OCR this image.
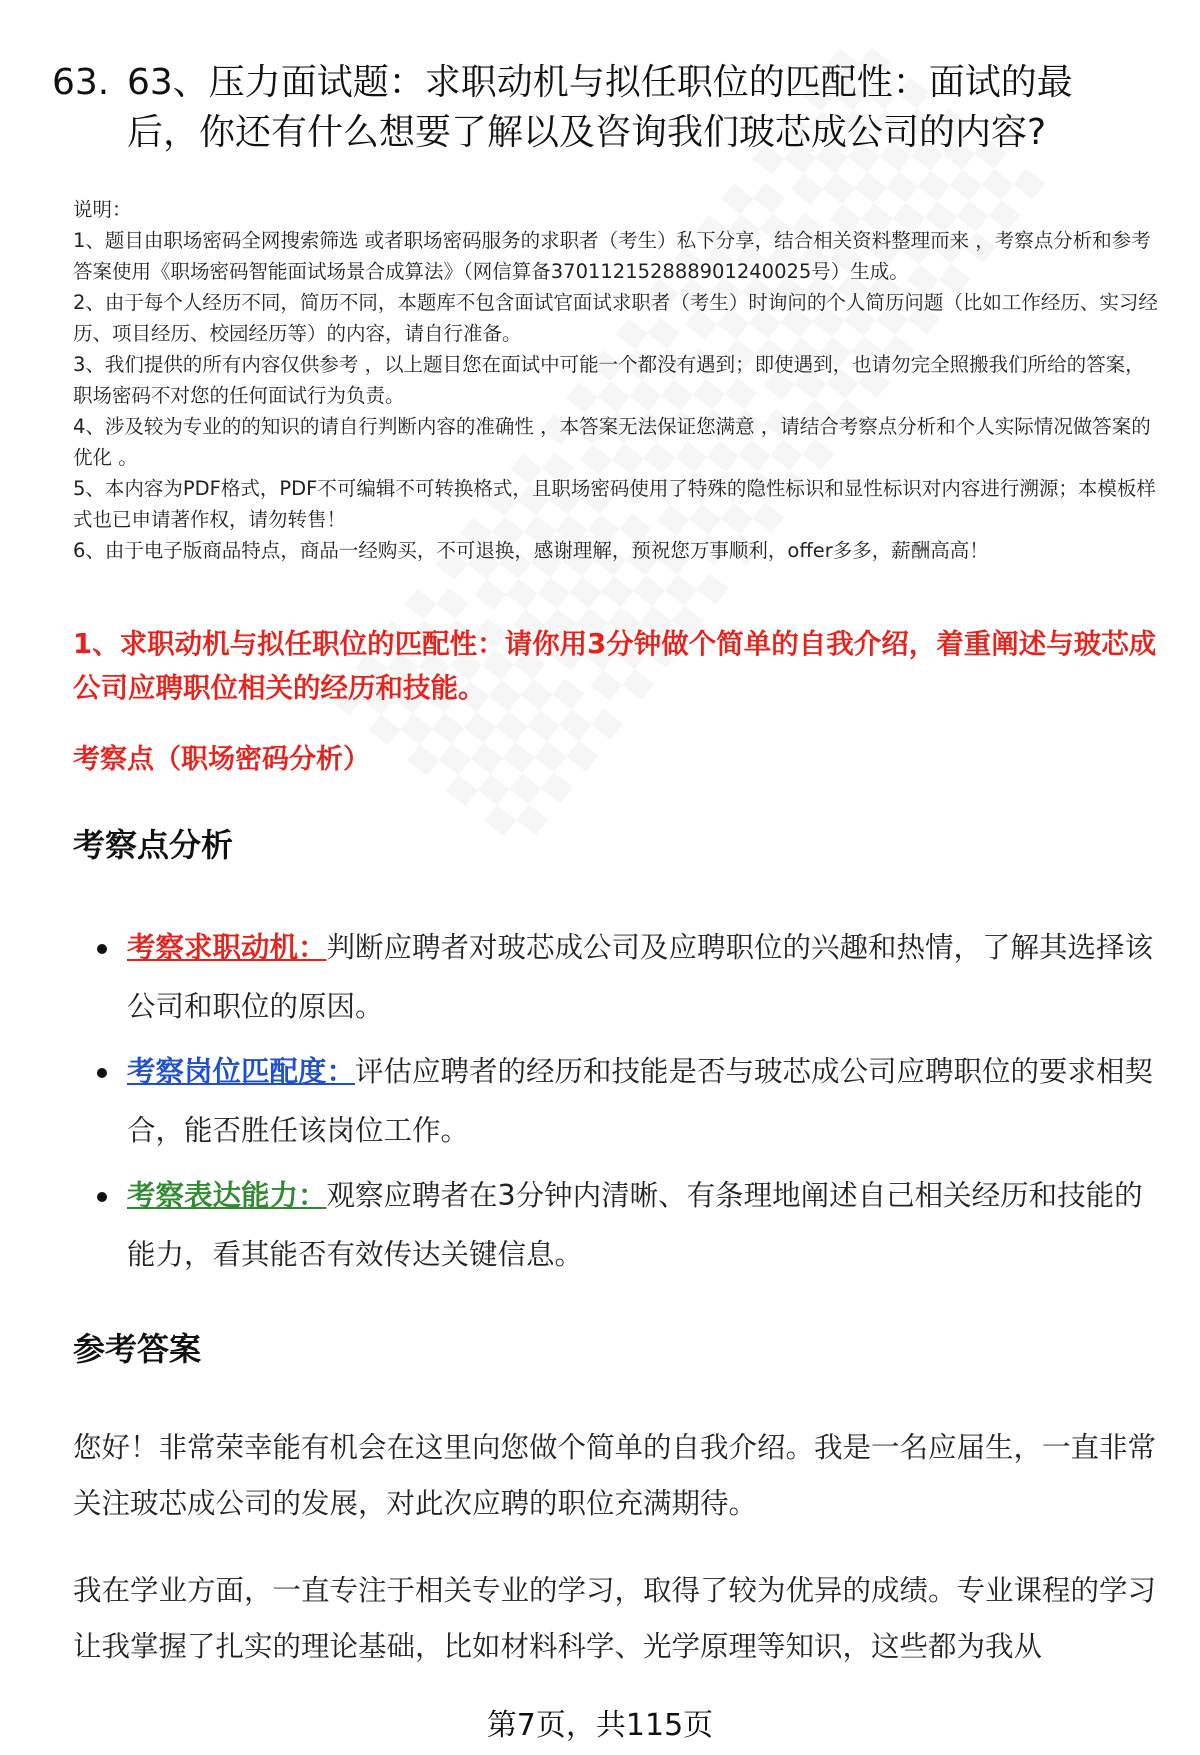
63. 63、压力面试题：求职动机与拟任职位的匹配性：面试的最后，你还有什么想要了解以及咨询我们玻芯成公司的内容?

说明：

1、题目由职场密码全网搜索筛选 或者职场密码服务的求职者（考生）私下分享，结合相关资料整理而来 ，考察点分析和参考答案使用《职场密码智能面试场景合成算法》（网信算备370112152888901240025号）生成。

2、由于每个人经历不同，简历不同，本题库不包含面试官面试求职者（考生）时询问的个人简历问题（比如工作经历、实习经历、项目经历、校园经历等）的内容，请自行准备。

3、我们提供的所有内容仅供参考 ，以上题目您在面试中可能一个都没有遇到；即使遇到，也请勿完全照搬我们所给的答案，职场密码不对您的任何面试行为负责。

4、涉及较为专业的的知识的请自行判断内容的准确性 ，本答案无法保证您满意 ，请结合考察点分析和个人实际情况做答案的优化 。

5、本内容为PDF格式，PDF不可编辑不可转换格式，且职场密码使用了特殊的隐性标识和显性标识对内容进行溯源；本模板样式也已申请著作权，请勿转售！

6、由于电子版商品特点，商品一经购买，不可退换，感谢理解，预祝您万事顺利，offer多多，薪酬高高！

1、求职动机与拟任职位的匹配性：请你用3分钟做个简单的自我介绍，着重阐述与玻芯成公司应聘职位相关的经历和技能。
考察点（职场密码分析）
考察点分析
考察求职动机：判断应聘者对玻芯成公司及应聘职位的兴趣和热情，了解其选择该公司和职位的原因。
考察岗位匹配度：评估应聘者的经历和技能是否与玻芯成公司应聘职位的要求相契合，能否胜任该岗位工作。
考察表达能力：观察应聘者在3分钟内清晰、有条理地阐述自己相关经历和技能的能力，看其能否有效传达关键信息。
参考答案

您好！非常荣幸能有机会在这里向您做个简单的自我介绍。我是一名应届生，一直非常关注玻芯成公司的发展，对此次应聘的职位充满期待。

我在学业方面，一直专注于相关专业的学习，取得了较为优异的成绩。专业课程的学习让我掌握了扎实的理论基础，比如材料科学、光学原理等知识，这些都为我从

第7页，共115页
